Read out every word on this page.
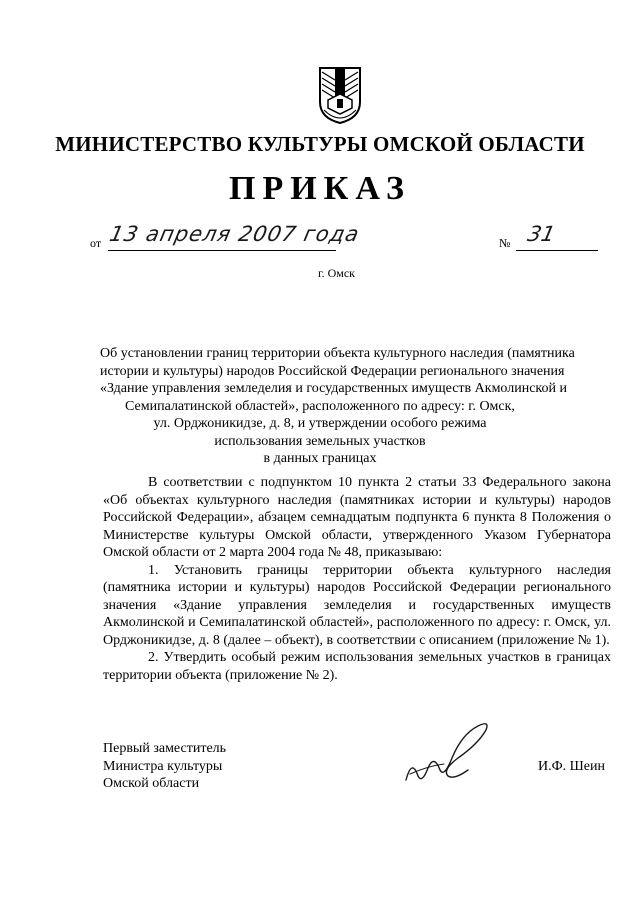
МИНИСТЕРСТВО КУЛЬТУРЫ ОМСКОЙ ОБЛАСТИ
ПРИКАЗ
от 13 апреля 2007 года	№ 31
г. Омск
Об установлении границ территории объекта культурного наследия (памятника
истории и культуры) народов Российской Федерации регионального значения
«Здание управления земледелия и государственных имуществ Акмолинской и
Семипалатинской областей», расположенного по адресу: г. Омск,
ул. Орджоникидзе, д. 8, и утверждении особого режима
использования земельных участков
в данных границах

В соответствии с подпунктом 10 пункта 2 статьи 33 Федерального закона «Об объектах культурного наследия (памятниках истории и культуры) народов Российской Федерации», абзацем семнадцатым подпункта 6 пункта 8 Положения о Министерстве культуры Омской области, утвержденного Указом Губернатора Омской области от 2 марта 2004 года № 48, приказываю:

1. Установить границы территории объекта культурного наследия (памятника истории и культуры) народов Российской Федерации регионального значения «Здание управления земледелия и государственных имуществ Акмолинской и Семипалатинской областей», расположенного по адресу: г. Омск, ул. Орджоникидзе, д. 8 (далее – объект), в соответствии с описанием (приложение № 1).

2. Утвердить особый режим использования земельных участков в границах территории объекта (приложение № 2).

Первый заместитель
Министра культуры
Омской области
И.Ф. Шеин
